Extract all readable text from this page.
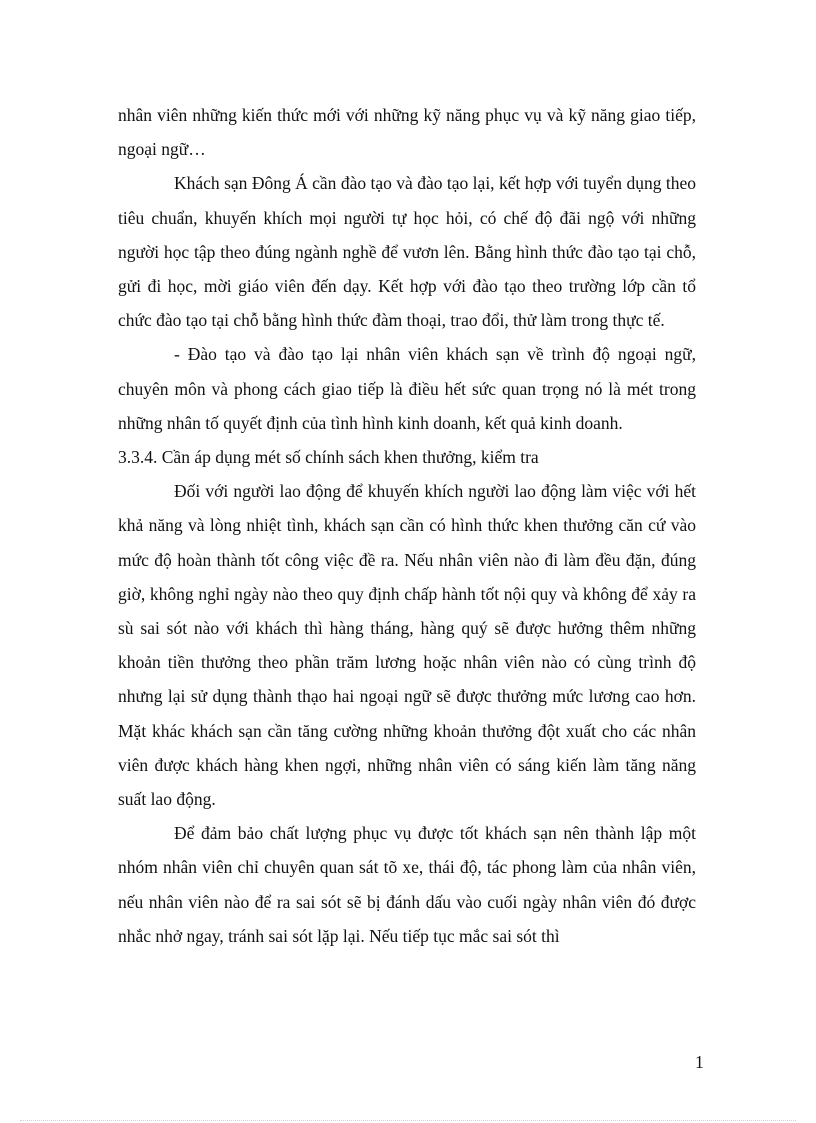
nhân viên những kiến thức mới với những kỹ năng phục vụ và kỹ năng giao tiếp, ngoại ngữ…

Khách sạn Đông Á cần đào tạo và đào tạo lại, kết hợp với tuyển dụng theo tiêu chuẩn, khuyến khích mọi người tự học hỏi, có chế độ đãi ngộ với những người học tập theo đúng ngành nghề để vươn lên. Bằng hình thức đào tạo tại chỗ, gửi đi học, mời giáo viên đến dạy. Kết hợp với đào tạo theo trường lớp cần tổ chức đào tạo tại chỗ bằng hình thức đàm thoại, trao đổi, thử làm trong thực tế.

- Đào tạo và đào tạo lại nhân viên khách sạn về trình độ ngoại ngữ, chuyên môn và phong cách giao tiếp là điều hết sức quan trọng nó là mét trong những nhân tố quyết định của tình hình kinh doanh, kết quả kinh doanh.

3.3.4. Cần áp dụng mét số chính sách khen thưởng, kiểm tra

Đối với người lao động để khuyến khích người lao động làm việc với hết khả năng và lòng nhiệt tình, khách sạn cần có hình thức khen thưởng căn cứ vào mức độ hoàn thành tốt công việc đề ra. Nếu nhân viên nào đi làm đều đặn, đúng giờ, không nghỉ ngày nào theo quy định chấp hành tốt nội quy và không để xảy ra sù sai sót nào với khách thì hàng tháng, hàng quý sẽ được hưởng thêm những khoản tiền thưởng theo phần trăm lương hoặc nhân viên nào có cùng trình độ nhưng lại sử dụng thành thạo hai ngoại ngữ sẽ được thưởng mức lương cao hơn. Mặt khác khách sạn cần tăng cường những khoản thưởng đột xuất cho các nhân viên được khách hàng khen ngợi, những nhân viên có sáng kiến làm tăng năng suất lao động.

Để đảm bảo chất lượng phục vụ được tốt khách sạn nên thành lập một nhóm nhân viên chỉ chuyên quan sát tõ xe, thái độ, tác phong làm của nhân viên, nếu nhân viên nào để ra sai sót sẽ bị đánh dấu vào cuối ngày nhân viên đó được nhắc nhở ngay, tránh sai sót lặp lại. Nếu tiếp tục mắc sai sót thì

1
